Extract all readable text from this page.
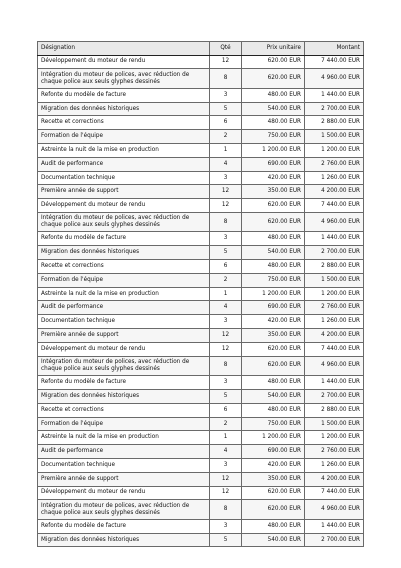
Désignation	Qté	Prix unitaire	Montant
Développement du moteur de rendu	12	620.00 EUR	7 440.00 EUR
Intégration du moteur de polices, avec réduction de chaque police aux seuls glyphes dessinés	8	620.00 EUR	4 960.00 EUR
Refonte du modèle de facture	3	480.00 EUR	1 440.00 EUR
Migration des données historiques	5	540.00 EUR	2 700.00 EUR
Recette et corrections	6	480.00 EUR	2 880.00 EUR
Formation de l'équipe	2	750.00 EUR	1 500.00 EUR
Astreinte la nuit de la mise en production	1	1 200.00 EUR	1 200.00 EUR
Audit de performance	4	690.00 EUR	2 760.00 EUR
Documentation technique	3	420.00 EUR	1 260.00 EUR
Première année de support	12	350.00 EUR	4 200.00 EUR
Développement du moteur de rendu	12	620.00 EUR	7 440.00 EUR
Intégration du moteur de polices, avec réduction de chaque police aux seuls glyphes dessinés	8	620.00 EUR	4 960.00 EUR
Refonte du modèle de facture	3	480.00 EUR	1 440.00 EUR
Migration des données historiques	5	540.00 EUR	2 700.00 EUR
Recette et corrections	6	480.00 EUR	2 880.00 EUR
Formation de l'équipe	2	750.00 EUR	1 500.00 EUR
Astreinte la nuit de la mise en production	1	1 200.00 EUR	1 200.00 EUR
Audit de performance	4	690.00 EUR	2 760.00 EUR
Documentation technique	3	420.00 EUR	1 260.00 EUR
Première année de support	12	350.00 EUR	4 200.00 EUR
Développement du moteur de rendu	12	620.00 EUR	7 440.00 EUR
Intégration du moteur de polices, avec réduction de chaque police aux seuls glyphes dessinés	8	620.00 EUR	4 960.00 EUR
Refonte du modèle de facture	3	480.00 EUR	1 440.00 EUR
Migration des données historiques	5	540.00 EUR	2 700.00 EUR
Recette et corrections	6	480.00 EUR	2 880.00 EUR
Formation de l'équipe	2	750.00 EUR	1 500.00 EUR
Astreinte la nuit de la mise en production	1	1 200.00 EUR	1 200.00 EUR
Audit de performance	4	690.00 EUR	2 760.00 EUR
Documentation technique	3	420.00 EUR	1 260.00 EUR
Première année de support	12	350.00 EUR	4 200.00 EUR
Développement du moteur de rendu	12	620.00 EUR	7 440.00 EUR
Intégration du moteur de polices, avec réduction de chaque police aux seuls glyphes dessinés	8	620.00 EUR	4 960.00 EUR
Refonte du modèle de facture	3	480.00 EUR	1 440.00 EUR
Migration des données historiques	5	540.00 EUR	2 700.00 EUR
